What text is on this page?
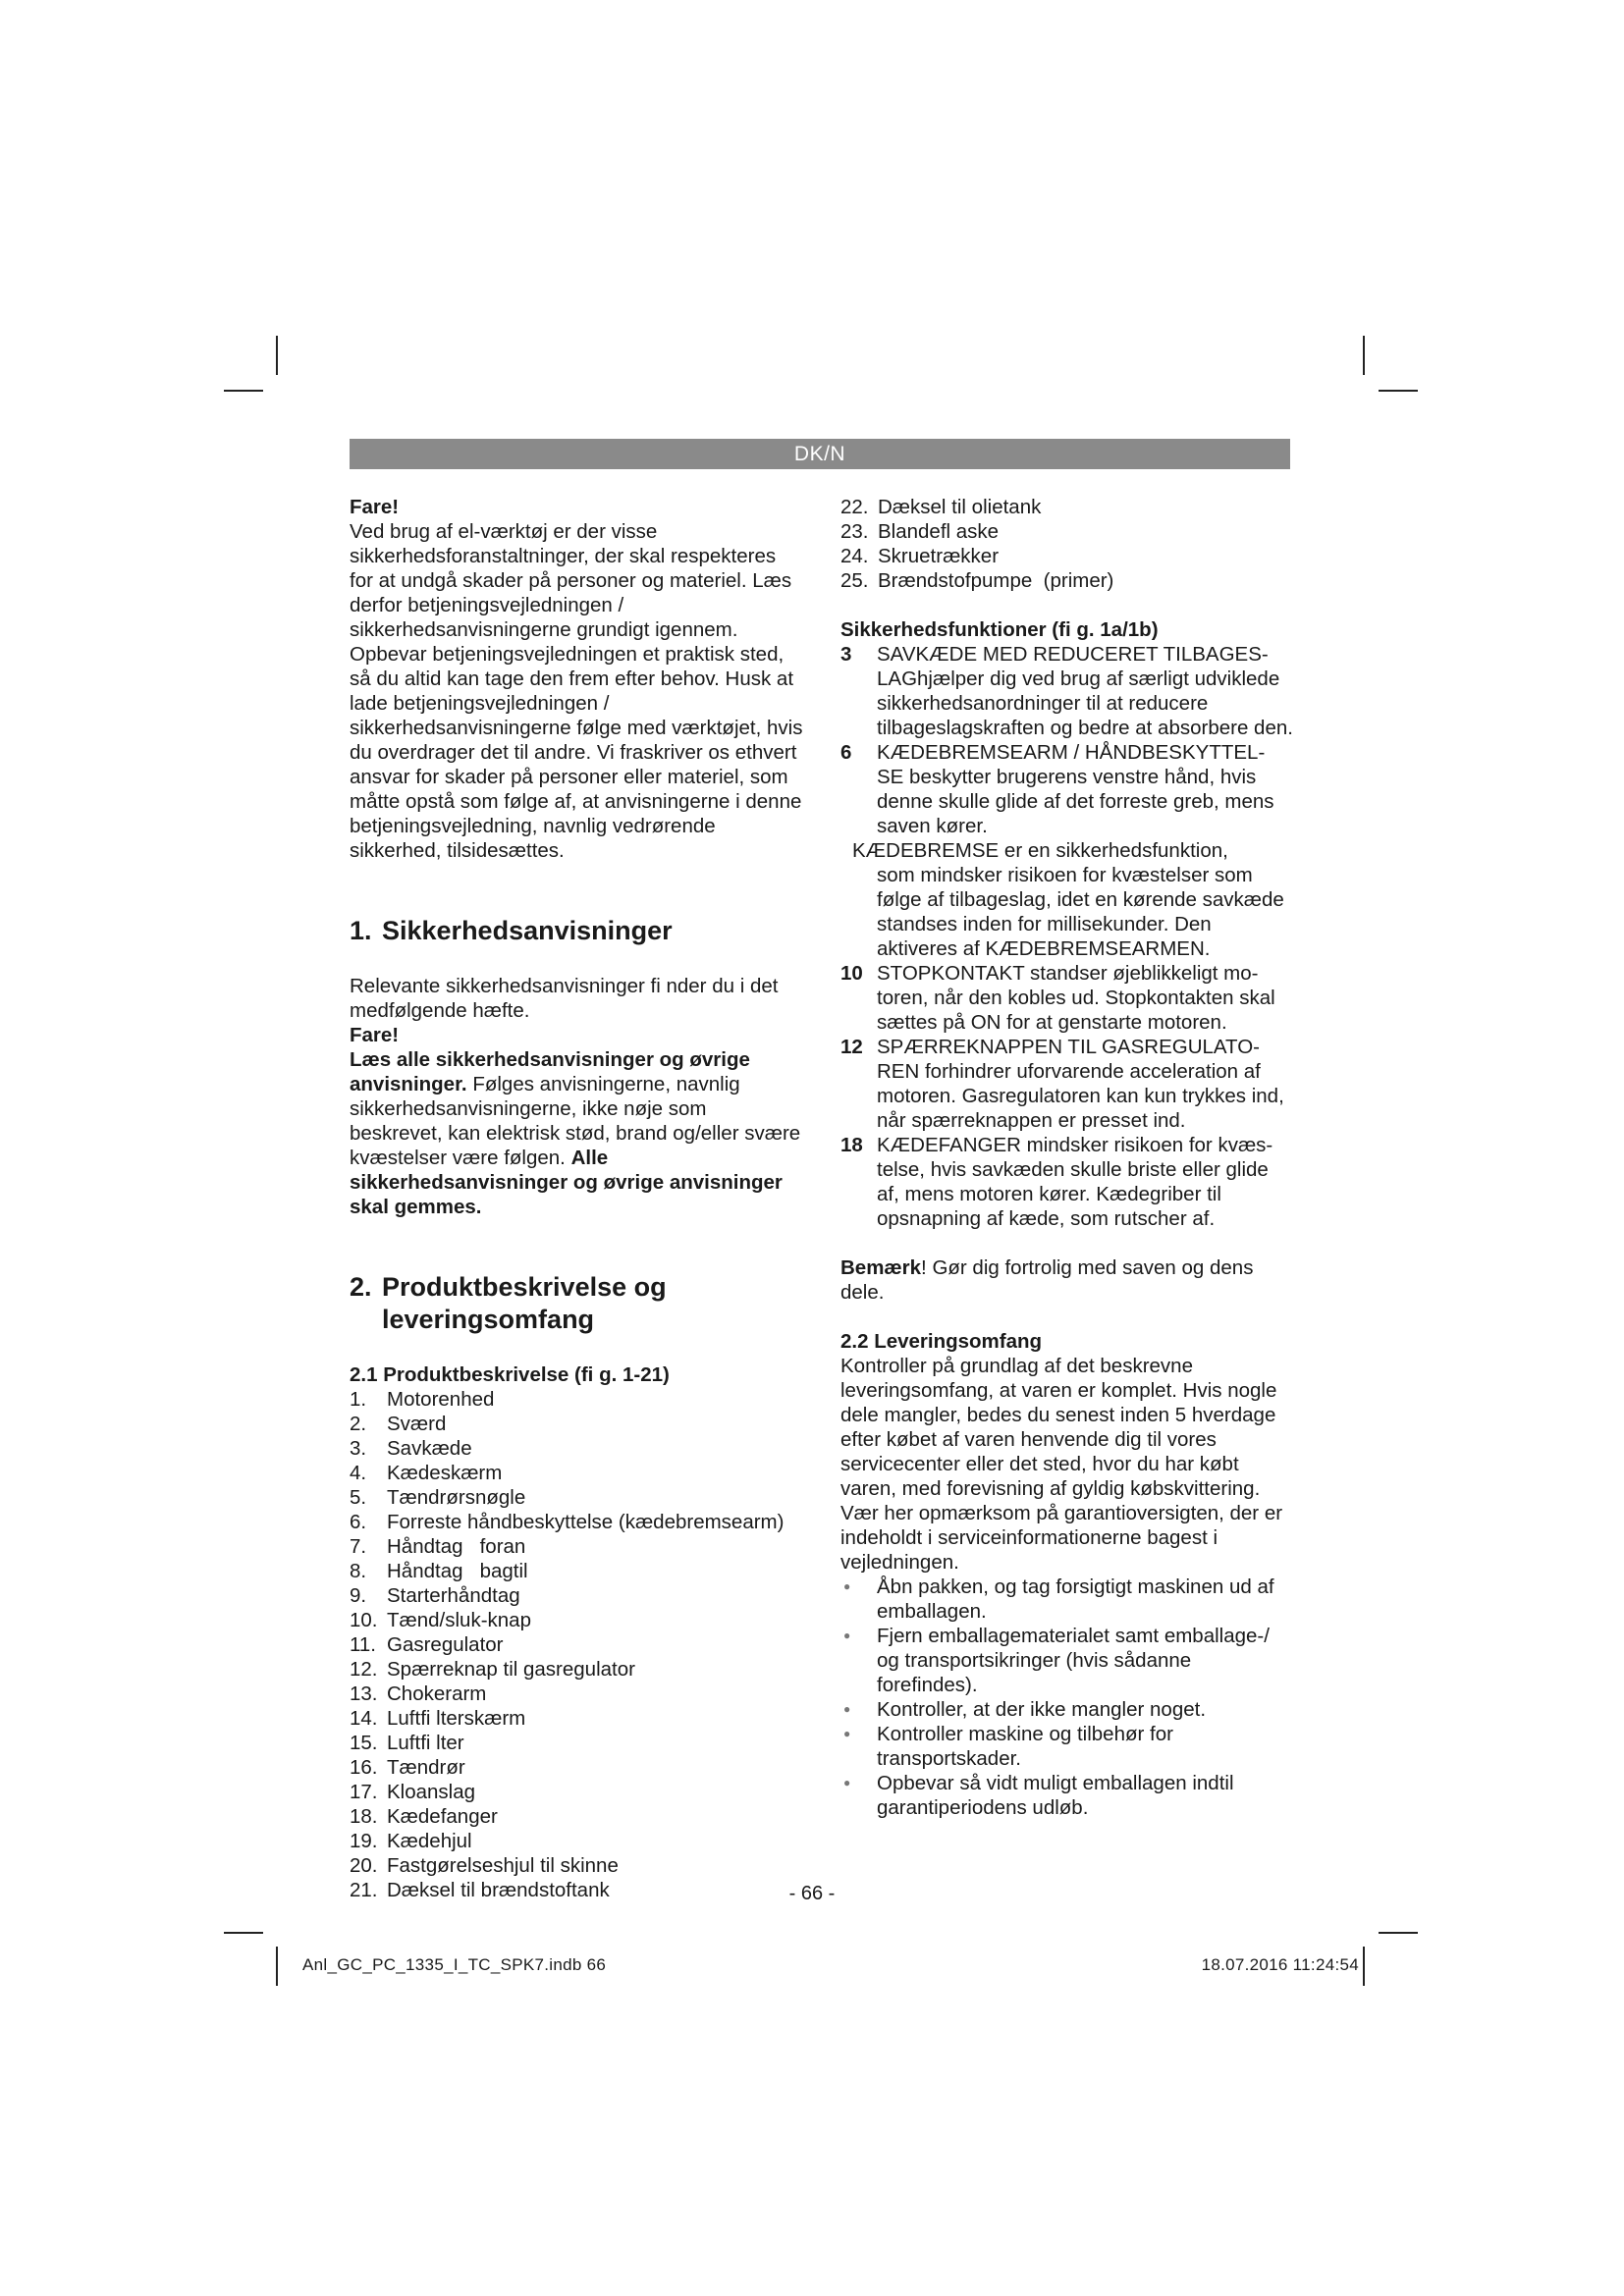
DK/N

Fare!

Ved brug af el-værktøj er der visse sikkerhedsforanstaltninger, der skal respekteres for at undgå skader på personer og materiel. Læs derfor betjeningsvejledningen / sikkerhedsanvisningerne grundigt igennem. Opbevar betjeningsvejledningen et praktisk sted, så du altid kan tage den frem efter behov. Husk at lade betjeningsvejledningen / sikkerhedsanvisningerne følge med værktøjet, hvis du overdrager det til andre. Vi fraskriver os ethvert ansvar for skader på personer eller materiel, som måtte opstå som følge af, at anvisningerne i denne betjeningsvejledning, navnlig vedrørende sikkerhed, tilsidesættes.

1. Sikkerhedsanvisninger

Relevante sikkerhedsanvisninger fi nder du i det medfølgende hæfte.

Fare!

Læs alle sikkerhedsanvisninger og øvrige anvisninger. Følges anvisningerne, navnlig sikkerhedsanvisningerne, ikke nøje som beskrevet, kan elektrisk stød, brand og/eller svære kvæstelser være følgen. Alle sikkerhedsanvisninger og øvrige anvisninger skal gemmes.

2. Produktbeskrivelse og
leveringsomfang

2.1 Produktbeskrivelse (fi g. 1-21)

1.	Motorenhed
2.	Sværd
3.	Savkæde
4.	Kædeskærm
5.	Tændrørsnøgle
6.	Forreste håndbeskyttelse (kædebremsearm)
7.	Håndtag   foran
8.	Håndtag   bagtil
9.	Starterhåndtag
10. Tænd/sluk-knap
11. Gasregulator
12. Spærreknap til gasregulator
13. Chokerarm
14. Luftfi lterskærm
15. Luftfi lter
16. Tændrør
17. Kloanslag
18. Kædefanger
19. Kædehjul
20. Fastgørelseshjul til skinne
21. Dæksel til brændstoftank
22. Dæksel til olietank
23. Blandefl aske
24. Skruetrækker
25. Brændstofpumpe  (primer)

Sikkerhedsfunktioner (fi g. 1a/1b)

3	SAVKÆDE MED REDUCERET TILBAGES-
LAGhjælper dig ved brug af særligt udviklede sikkerhedsanordninger til at reducere tilbageslagskraften og bedre at absorbere den.
6	KÆDEBREMSEARM / HÅNDBESKYTTEL-
SE beskytter brugerens venstre hånd, hvis denne skulle glide af det forreste greb, mens saven kører.
KÆDEBREMSE er en sikkerhedsfunktion,
som mindsker risikoen for kvæstelser som følge af tilbageslag, idet en kørende savkæde standses inden for millisekunder. Den aktiveres af KÆDEBREMSEARMEN.
10 STOPKONTAKT standser øjeblikkeligt mo-
toren, når den kobles ud. Stopkontakten skal sættes på ON for at genstarte motoren.
12 SPÆRREKNAPPEN TIL GASREGULATO-
REN forhindrer uforvarende acceleration af motoren. Gasregulatoren kan kun trykkes ind, når spærreknappen er presset ind.
18 KÆDEFANGER mindsker risikoen for kvæs-
telse, hvis savkæden skulle briste eller glide af, mens motoren kører. Kædegriber til opsnapning af kæde, som rutscher af.

Bemærk! Gør dig fortrolig med saven og dens dele.

2.2 Leveringsomfang

Kontroller på grundlag af det beskrevne leveringsomfang, at varen er komplet. Hvis nogle dele mangler, bedes du senest inden 5 hverdage efter købet af varen henvende dig til vores servicecenter eller det sted, hvor du har købt varen, med forevisning af gyldig købskvittering. Vær her opmærksom på garantioversigten, der er indeholdt i serviceinformationerne bagest i vejledningen.

●	Åbn pakken, og tag forsigtigt maskinen ud af emballagen.
●	Fjern emballagematerialet samt emballage-/ og transportsikringer (hvis sådanne forefindes).
●	Kontroller, at der ikke mangler noget.
●	Kontroller maskine og tilbehør for transportskader.
●	Opbevar så vidt muligt emballagen indtil garantiperiodens udløb.
- 66 -
Anl_GC_PC_1335_I_TC_SPK7.indb 66	18.07.2016 11:24:54
